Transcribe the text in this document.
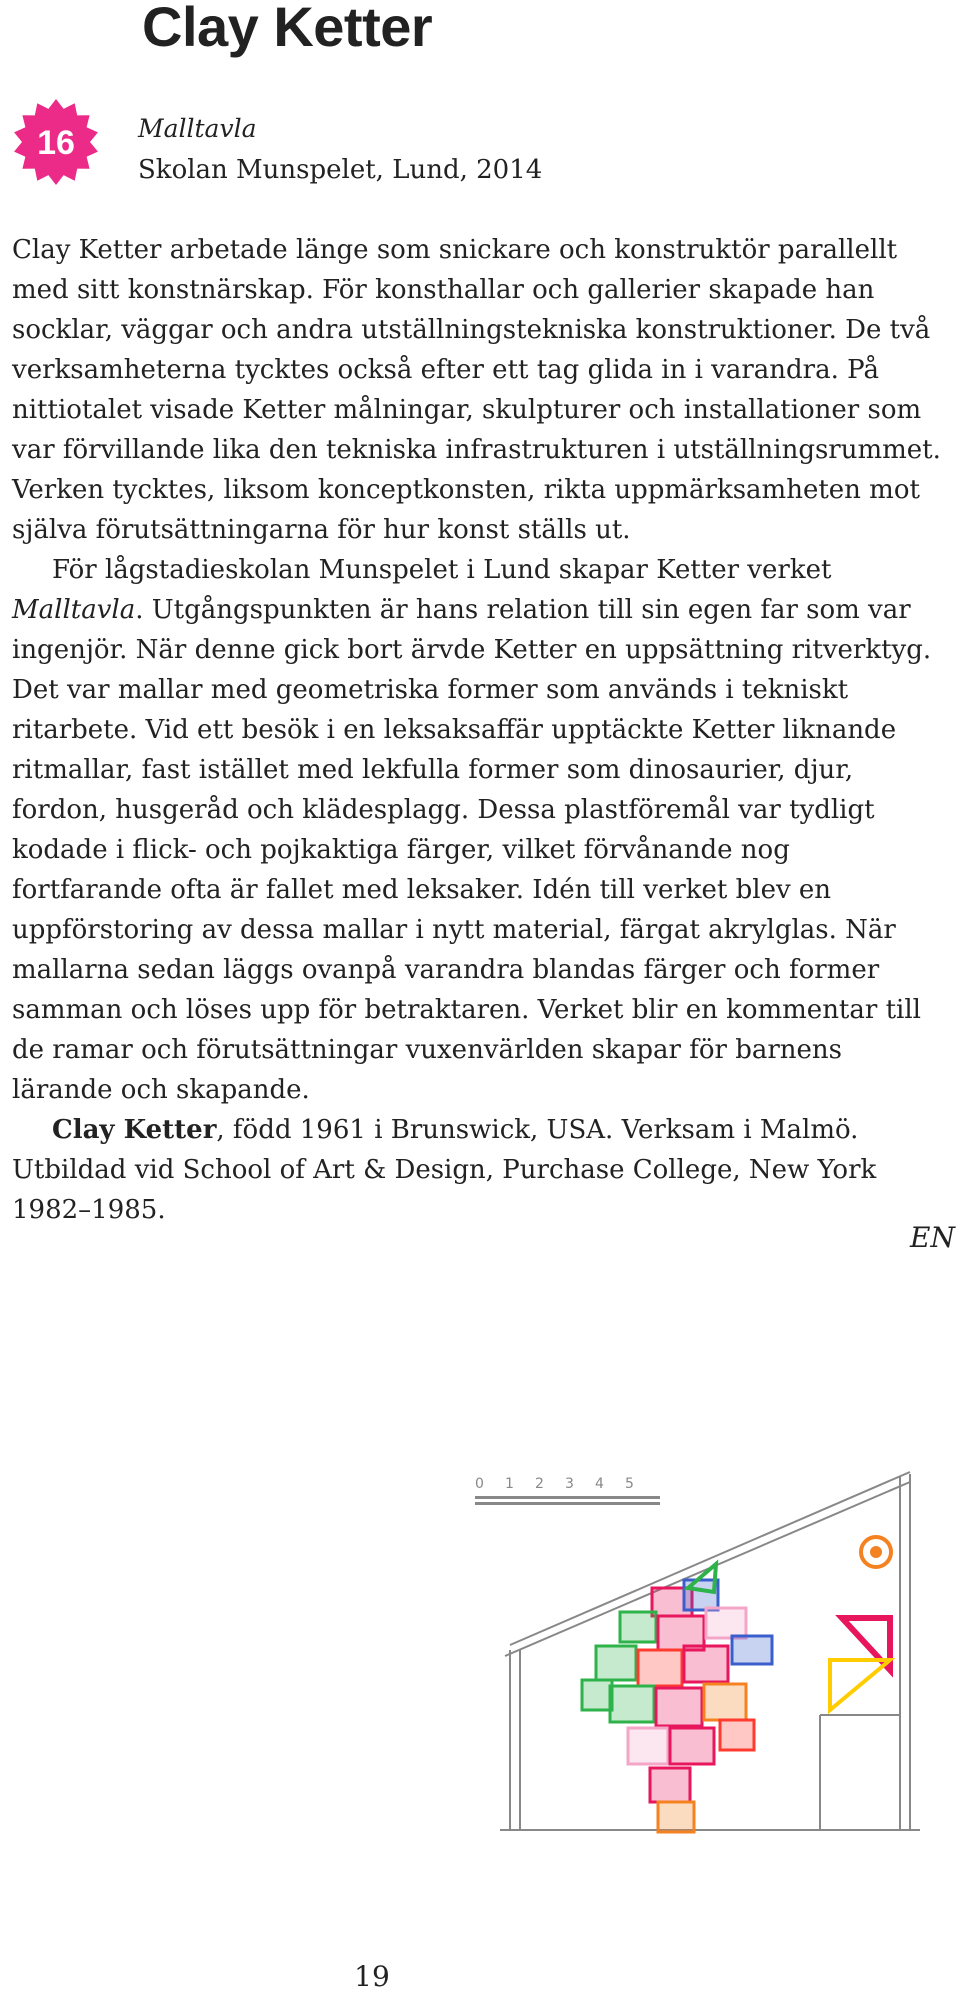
Clay Ketter
16	Malltavla
Skolan Munspelet, Lund, 2014

Clay Ketter arbetade länge som snickare och konstruktör parallellt med sitt konstnärskap. För konsthallar och gallerier skapade han socklar, väggar och andra utställningstekniska konstruktioner. De två verksamheterna tycktes också efter ett tag glida in i varandra. På nittiotalet visade Ketter målningar, skulpturer och installationer som var förvillande lika den tekniska infrastrukturen i utställningsrummet. Verken tycktes, liksom konceptkonsten, rikta uppmärksamheten mot själva förutsättningarna för hur konst ställs ut.

För lågstadieskolan Munspelet i Lund skapar Ketter verket Malltavla. Utgångspunkten är hans relation till sin egen far som var ingenjör. När denne gick bort ärvde Ketter en uppsättning ritverktyg. Det var mallar med geometriska former som används i tekniskt ritarbete. Vid ett besök i en leksaksaffär upptäckte Ketter liknande ritmallar, fast istället med lekfulla former som dinosaurier, djur, fordon, husgeråd och klädesplagg. Dessa plastföremål var tydligt kodade i flick- och pojkaktiga färger, vilket förvånande nog fortfarande ofta är fallet med leksaker. Idén till verket blev en uppförstoring av dessa mallar i nytt material, färgat akrylglas. När mallarna sedan läggs ovanpå varandra blandas färger och former samman och löses upp för betraktaren. Verket blir en kommentar till de ramar och förutsättningar vuxenvärlden skapar för barnens lärande och skapande.

Clay Ketter, född 1961 i Brunswick, USA. Verksam i Malmö. Utbildad vid School of Art & Design, Purchase College, New York 1982–1985.

EN
0 1 2 3 4 5
19
